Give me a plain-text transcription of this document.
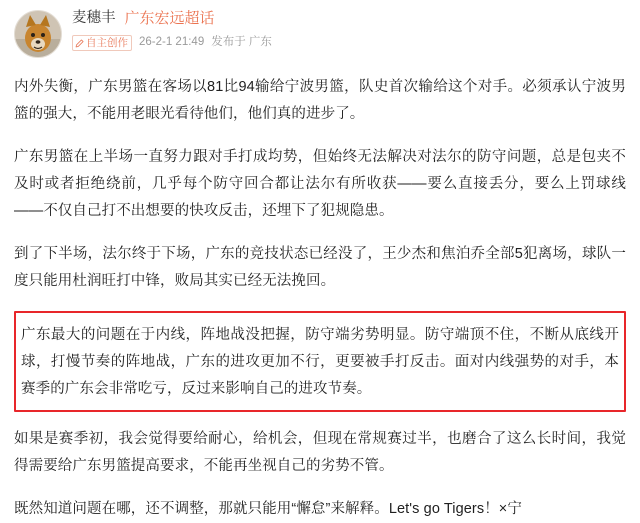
麦穗丰 广东宏远超话
自主创作 26-2-1 21:49 发布于 广东

内外失衡，广东男篮在客场以81比94输给宁波男篮，队史首次输给这个对手。必须承认宁波男篮的强大，不能用老眼光看待他们，他们真的进步了。

广东男篮在上半场一直努力跟对手打成均势，但始终无法解决对法尔的防守问题，总是包夹不及时或者拒绝绕前，几乎每个防守回合都让法尔有所收获——要么直接丢分，要么上罚球线——不仅自己打不出想要的快攻反击，还埋下了犯规隐患。

到了下半场，法尔终于下场，广东的竞技状态已经没了，王少杰和焦泊乔全部5犯离场，球队一度只能用杜润旺打中锋，败局其实已经无法挽回。

广东最大的问题在于内线，阵地战没把握，防守端劣势明显。防守端顶不住，不断从底线开球，打慢节奏的阵地战，广东的进攻更加不行，更要被手打反击。面对内线强势的对手，本赛季的广东会非常吃亏，反过来影响自己的进攻节奏。

如果是赛季初，我会觉得要给耐心，给机会，但现在常规赛过半，也磨合了这么长时间，我觉得需要给广东男篮提高要求，不能再坐视自己的劣势不管。

既然知道问题在哪，还不调整，那就只能用“懈怠”来解释。Let's go Tigers！×宁
